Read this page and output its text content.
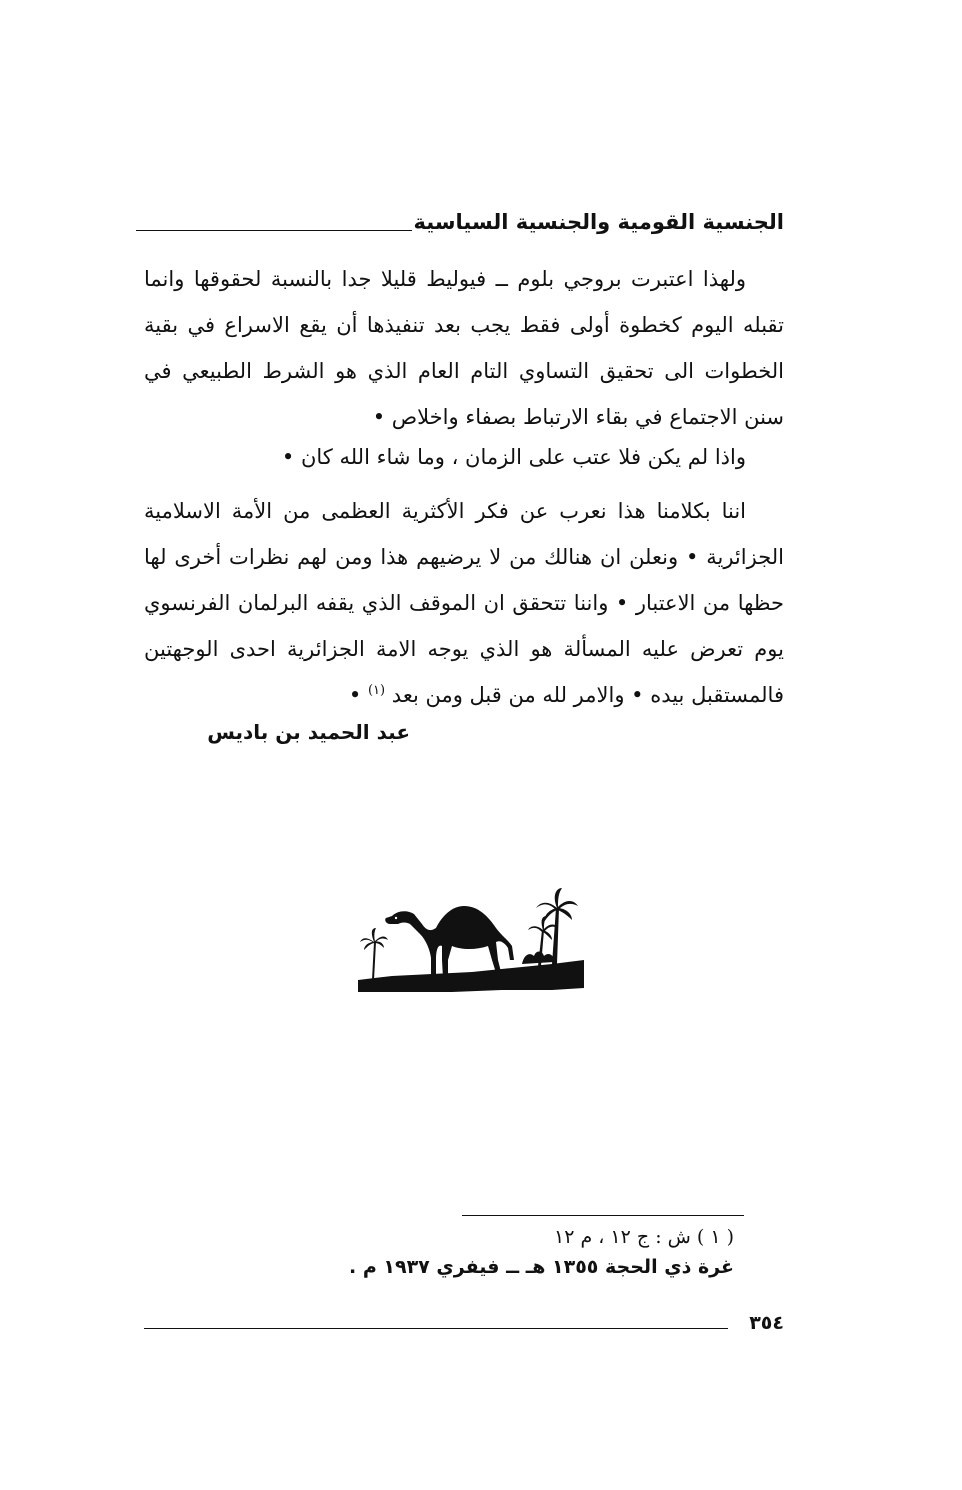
الجنسية القومية والجنسية السياسية

ولهذا اعتبرت بروجي بلوم ــ فيوليط قليلا جدا بالنسبة لحقوقها وانما تقبله اليوم كخطوة أولى فقط يجب بعد تنفيذها أن يقع الاسراع في بقية الخطوات الى تحقيق التساوي التام العام الذي هو الشرط الطبيعي في سنن الاجتماع في بقاء الارتباط بصفاء واخلاص •

واذا لم يكن فلا عتب على الزمان ، وما شاء الله كان •

اننا بكلامنا هذا نعرب عن فكر الأكثرية العظمى من الأمة الاسلامية الجزائرية • ونعلن ان هنالك من لا يرضيهم هذا ومن لهم نظرات أخرى لها حظها من الاعتبار • واننا تتحقق ان الموقف الذي يقفه البرلمان الفرنسوي يوم تعرض عليه المسألة هو الذي يوجه الامة الجزائرية احدى الوجهتين فالمستقبل بيده • والامر لله من قبل ومن بعد $^{(١)}$ •

عبد الحميد بن باديس
( ١ ) ش : ج ١٢ ، م ١٢
غرة ذي الحجة ١٣٥٥ هـ ــ فيفري ١٩٣٧ م .
٣٥٤
